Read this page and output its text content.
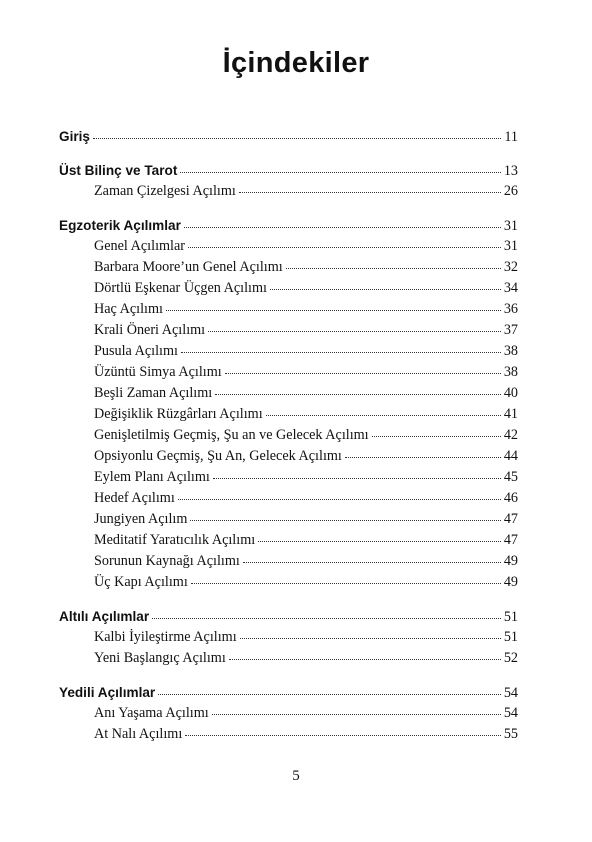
İçindekiler
Giriş	11
Üst Bilinç ve Tarot	13
Zaman Çizelgesi Açılımı	26
Egzoterik Açılımlar	31
Genel Açılımlar	31
Barbara Moore’un Genel Açılımı	32
Dörtlü Eşkenar Üçgen Açılımı	34
Haç Açılımı	36
Krali Öneri Açılımı	37
Pusula Açılımı	38
Üzüntü Simya Açılımı	38
Beşli Zaman Açılımı	40
Değişiklik Rüzgârları Açılımı	41
Genişletilmiş Geçmiş, Şu an ve Gelecek Açılımı	42
Opsiyonlu Geçmiş, Şu An, Gelecek Açılımı	44
Eylem Planı Açılımı	45
Hedef Açılımı	46
Jungiyen Açılım	47
Meditatif Yaratıcılık Açılımı	47
Sorunun Kaynağı Açılımı	49
Üç Kapı Açılımı	49
Altılı Açılımlar	51
Kalbi İyileştirme Açılımı	51
Yeni Başlangıç Açılımı	52
Yedili Açılımlar	54
Anı Yaşama Açılımı	54
At Nalı Açılımı	55
5
